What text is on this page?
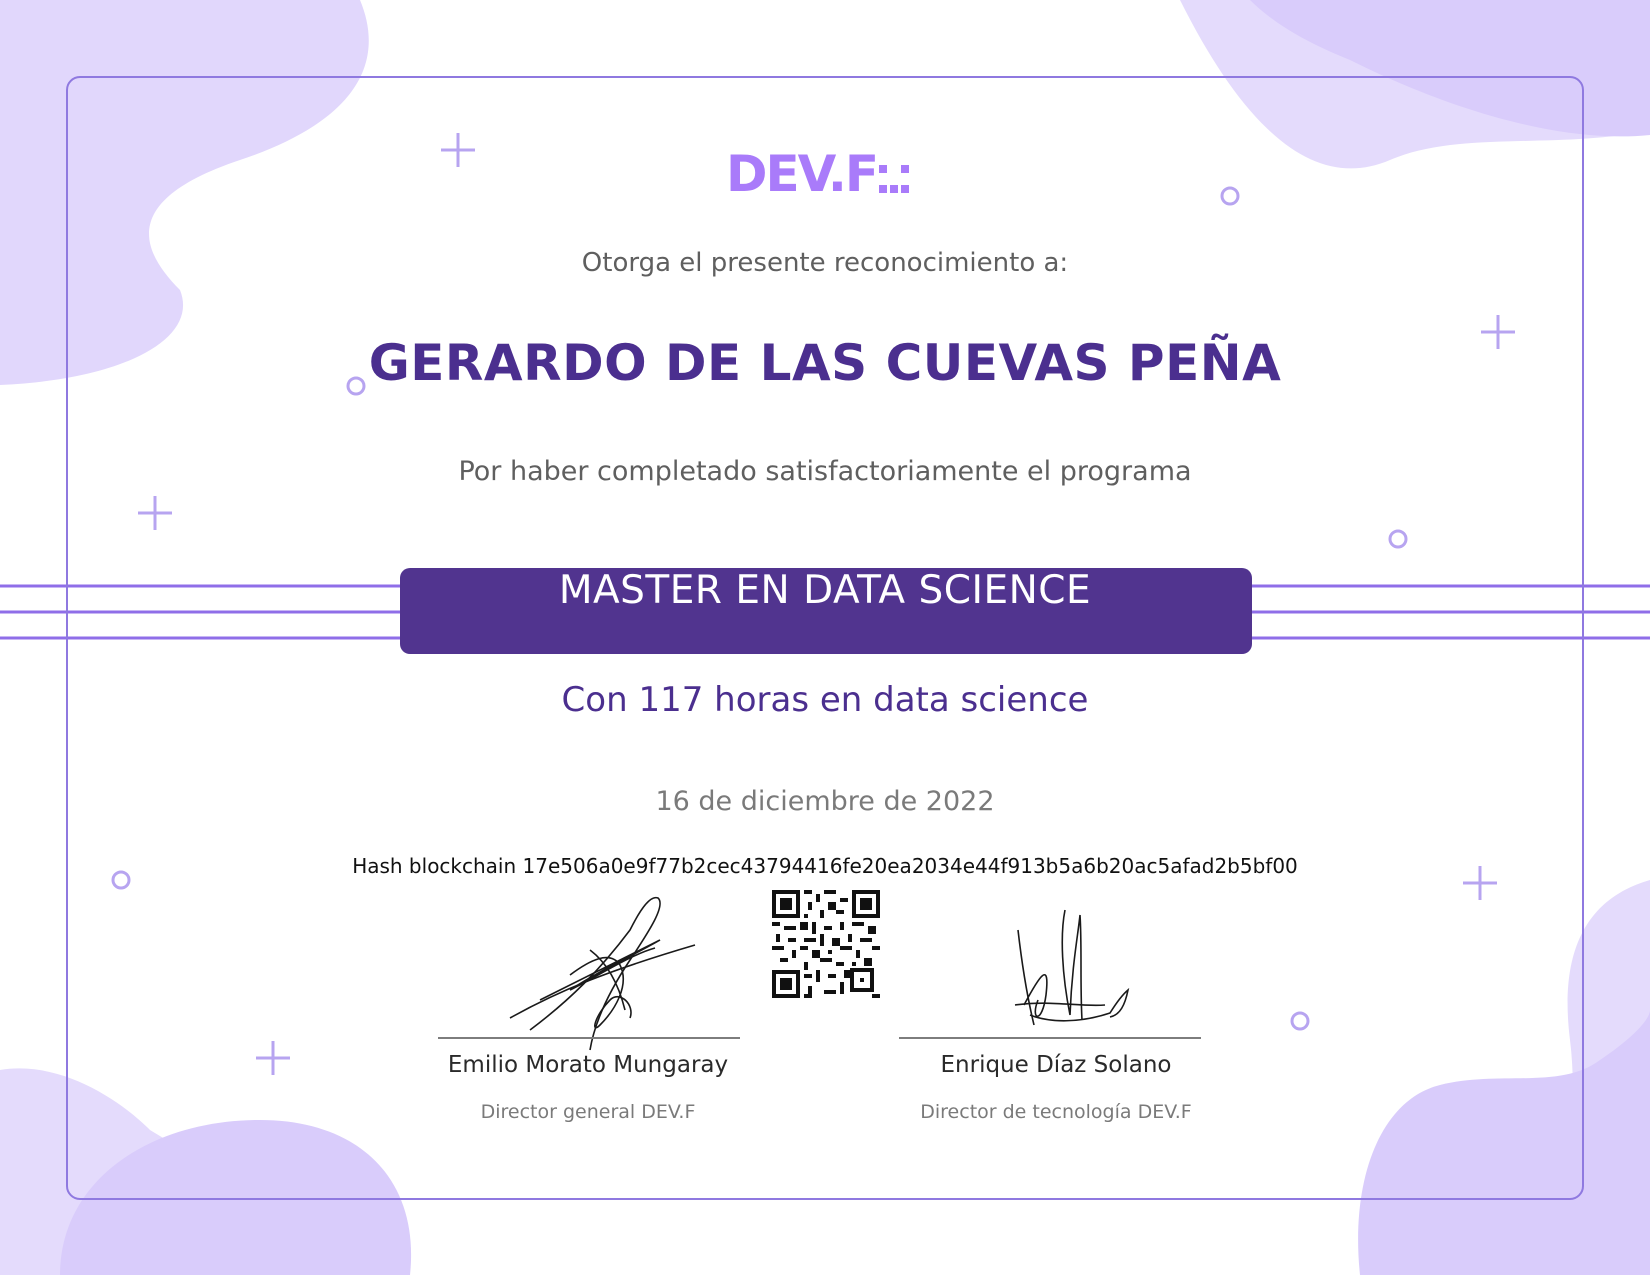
DEV.F
Otorga el presente reconocimiento a:
GERARDO DE LAS CUEVAS PEÑA
Por haber completado satisfactoriamente el programa
MASTER EN DATA SCIENCE
Con 117 horas en data science
16 de diciembre de 2022
Hash blockchain 17e506a0e9f77b2cec43794416fe20ea2034e44f913b5a6b20ac5afad2b5bf00
Emilio Morato Mungaray
Director general DEV.F
Enrique Díaz Solano
Director de tecnología DEV.F
